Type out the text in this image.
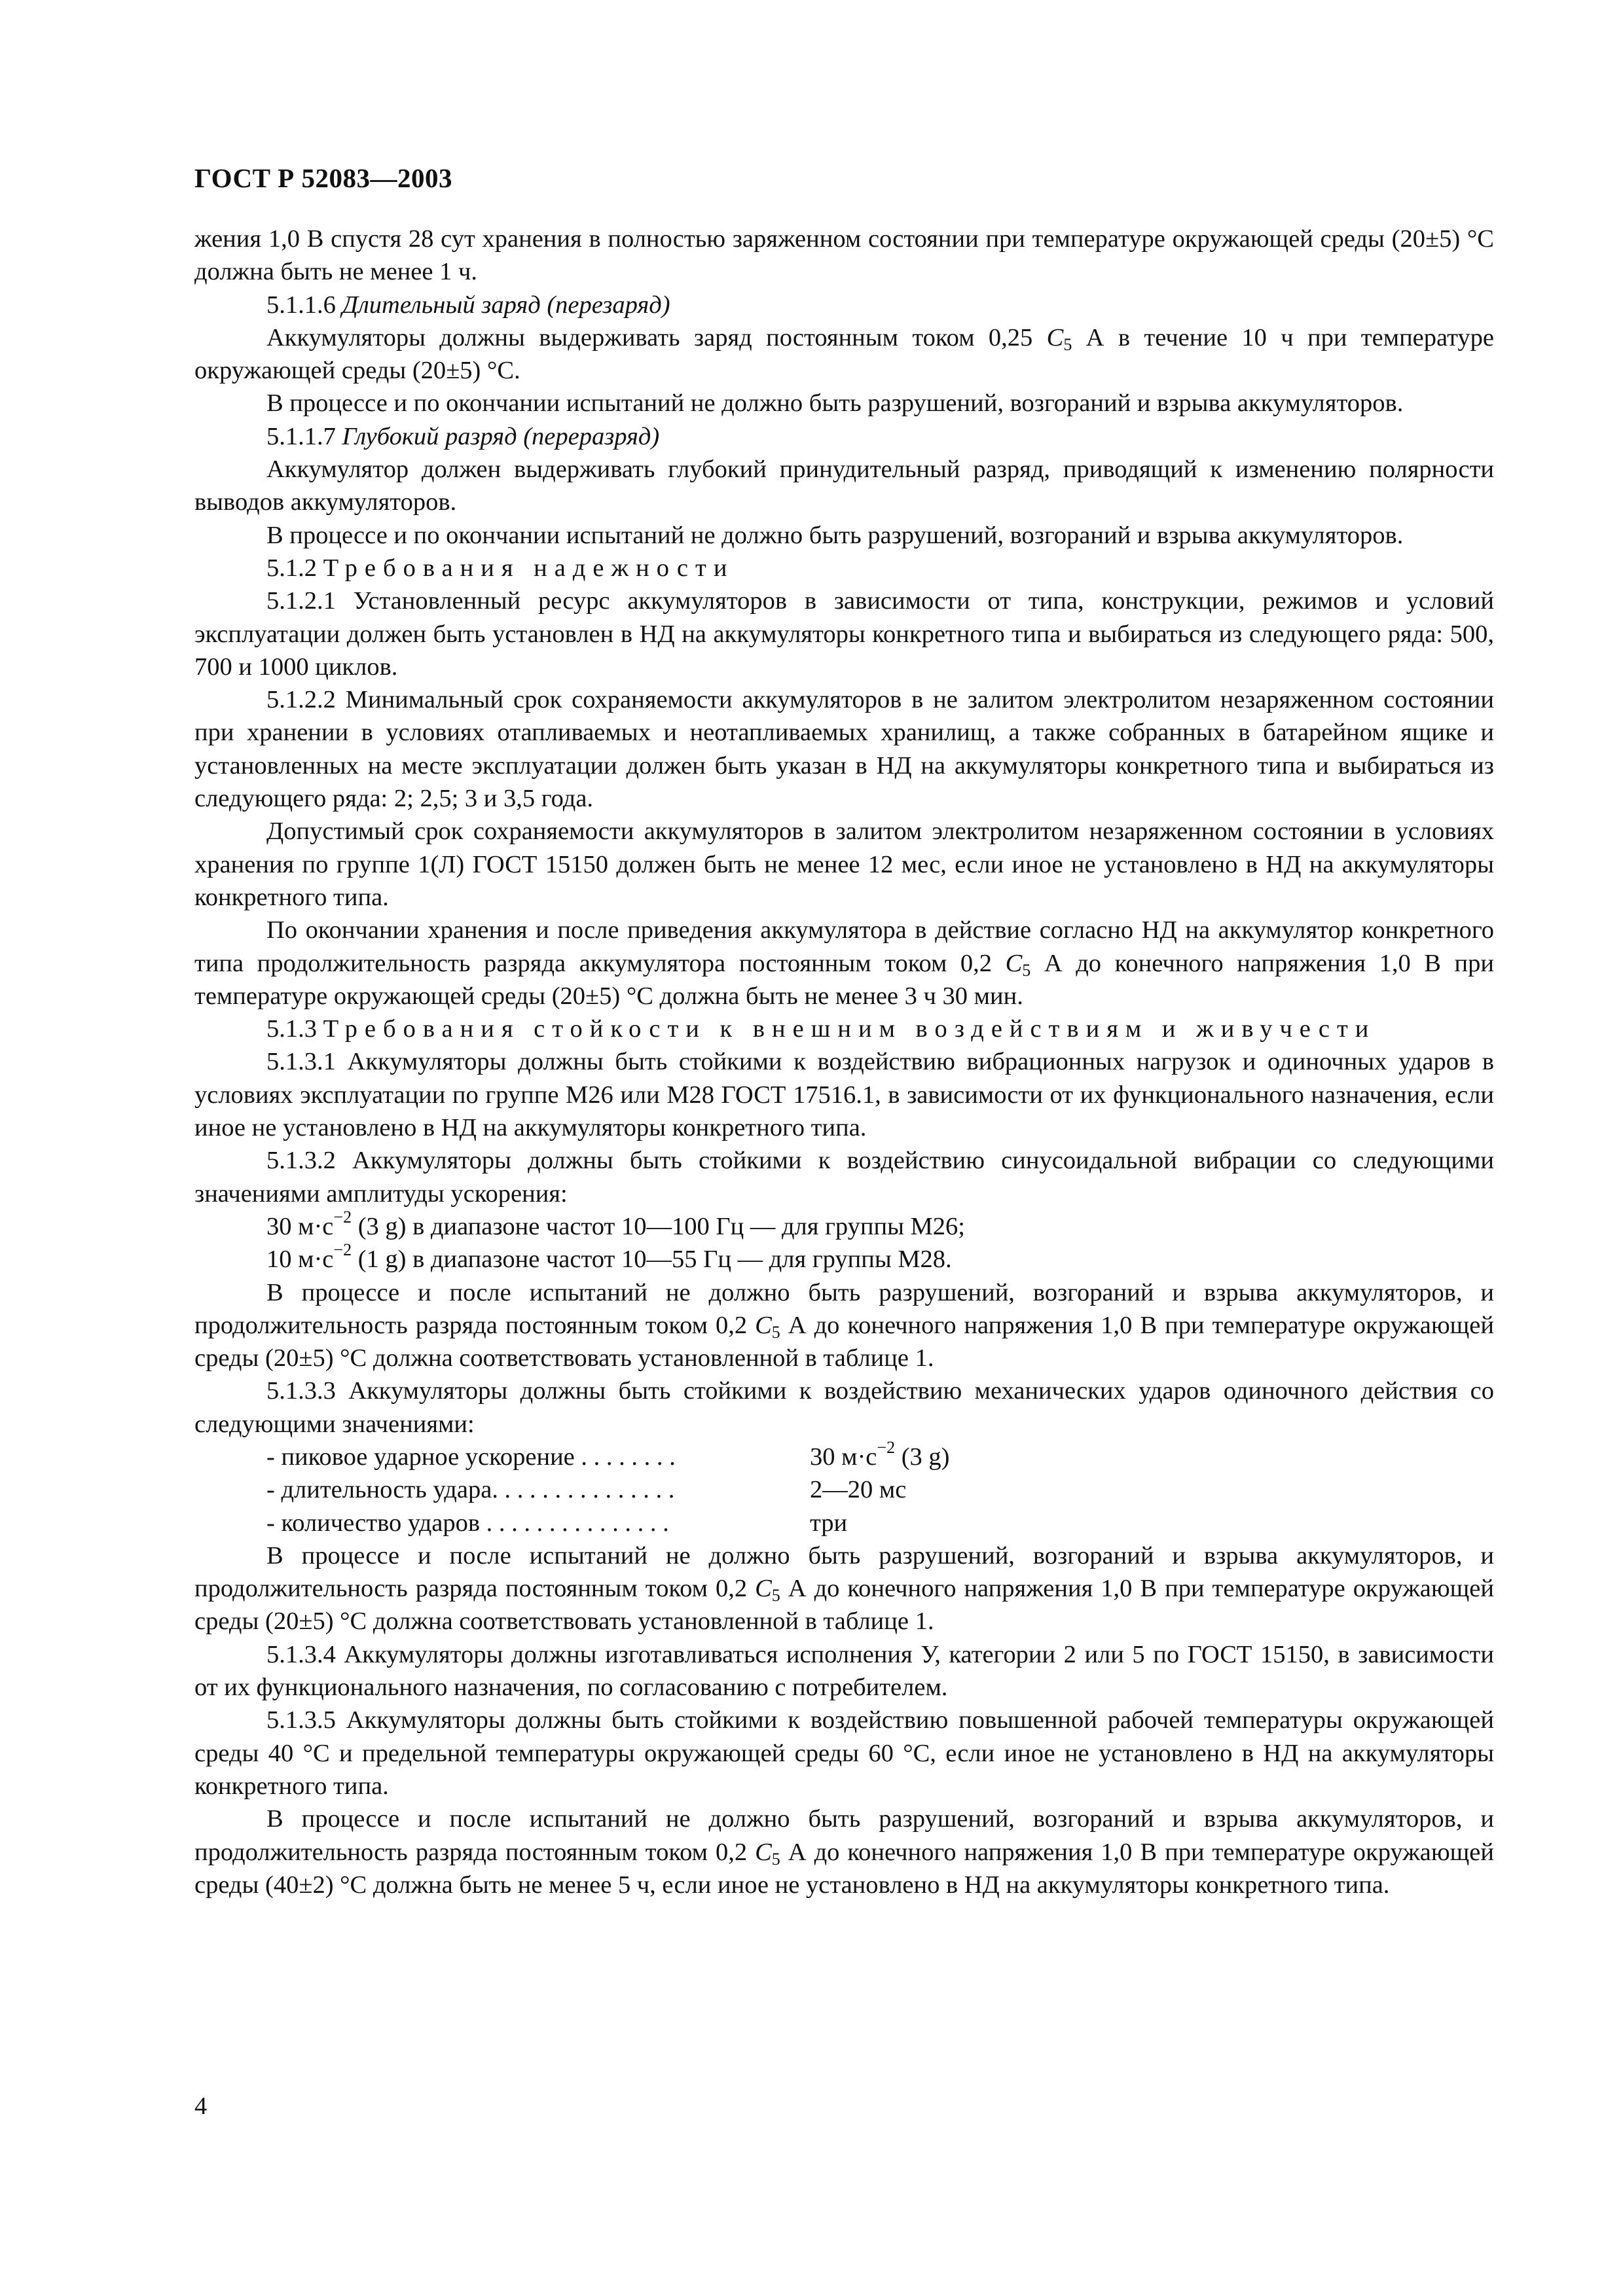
ГОСТ Р 52083—2003

жения 1,0 В спустя 28 сут хранения в полностью заряженном состоянии при температуре окружающей среды (20±5) °С должна быть не менее 1 ч.

5.1.1.6 Длительный заряд (перезаряд)

Аккумуляторы должны выдерживать заряд постоянным током 0,25 $C_5$ А в течение 10 ч при температуре окружающей среды (20±5) °С.

В процессе и по окончании испытаний не должно быть разрушений, возгораний и взрыва аккумуляторов.

5.1.1.7 Глубокий разряд (переразряд)

Аккумулятор должен выдерживать глубокий принудительный разряд, приводящий к изменению полярности выводов аккумуляторов.

В процессе и по окончании испытаний не должно быть разрушений, возгораний и взрыва аккумуляторов.

5.1.2 Требования надежности

5.1.2.1 Установленный ресурс аккумуляторов в зависимости от типа, конструкции, режимов и условий эксплуатации должен быть установлен в НД на аккумуляторы конкретного типа и выбираться из следующего ряда: 500, 700 и 1000 циклов.

5.1.2.2 Минимальный срок сохраняемости аккумуляторов в не залитом электролитом незаряженном состоянии при хранении в условиях отапливаемых и неотапливаемых хранилищ, а также собранных в батарейном ящике и установленных на месте эксплуатации должен быть указан в НД на аккумуляторы конкретного типа и выбираться из следующего ряда: 2; 2,5; 3 и 3,5 года.

Допустимый срок сохраняемости аккумуляторов в залитом электролитом незаряженном состоянии в условиях хранения по группе 1(Л) ГОСТ 15150 должен быть не менее 12 мес, если иное не установлено в НД на аккумуляторы конкретного типа.

По окончании хранения и после приведения аккумулятора в действие согласно НД на аккумулятор конкретного типа продолжительность разряда аккумулятора постоянным током 0,2 $C_5$ А до конечного напряжения 1,0 В при температуре окружающей среды (20±5) °С должна быть не менее 3 ч 30 мин.

5.1.3 Требования стойкости к внешним воздействиям и живучести

5.1.3.1 Аккумуляторы должны быть стойкими к воздействию вибрационных нагрузок и одиночных ударов в условиях эксплуатации по группе М26 или М28 ГОСТ 17516.1, в зависимости от их функционального назначения, если иное не установлено в НД на аккумуляторы конкретного типа.

5.1.3.2 Аккумуляторы должны быть стойкими к воздействию синусоидальной вибрации со следующими значениями амплитуды ускорения:

30 $м\cdot с^{-2}$ (3 g) в диапазоне частот 10—100 Гц — для группы М26;

10 $м\cdot с^{-2}$ (1 g) в диапазоне частот 10—55 Гц — для группы М28.

В процессе и после испытаний не должно быть разрушений, возгораний и взрыва аккумуляторов, и продолжительность разряда постоянным током 0,2 $C_5$ А до конечного напряжения 1,0 В при температуре окружающей среды (20±5) °С должна соответствовать установленной в таблице 1.

5.1.3.3 Аккумуляторы должны быть стойкими к воздействию механических ударов одиночного действия со следующими значениями:

- пиковое ударное ускорение . . . . . . . .	30 $м\cdot с^{-2}$ (3 g)
- длительность удара. . . . . . . . . . . . . . .	2—20 мс
- количество ударов . . . . . . . . . . . . . . .	три

В процессе и после испытаний не должно быть разрушений, возгораний и взрыва аккумуляторов, и продолжительность разряда постоянным током 0,2 $C_5$ А до конечного напряжения 1,0 В при температуре окружающей среды (20±5) °С должна соответствовать установленной в таблице 1.

5.1.3.4 Аккумуляторы должны изготавливаться исполнения У, категории 2 или 5 по ГОСТ 15150, в зависимости от их функционального назначения, по согласованию с потребителем.

5.1.3.5 Аккумуляторы должны быть стойкими к воздействию повышенной рабочей температуры окружающей среды 40 °С и предельной температуры окружающей среды 60 °С, если иное не установлено в НД на аккумуляторы конкретного типа.

В процессе и после испытаний не должно быть разрушений, возгораний и взрыва аккумуляторов, и продолжительность разряда постоянным током 0,2 $C_5$ А до конечного напряжения 1,0 В при температуре окружающей среды (40±2) °С должна быть не менее 5 ч, если иное не установлено в НД на аккумуляторы конкретного типа.

4
